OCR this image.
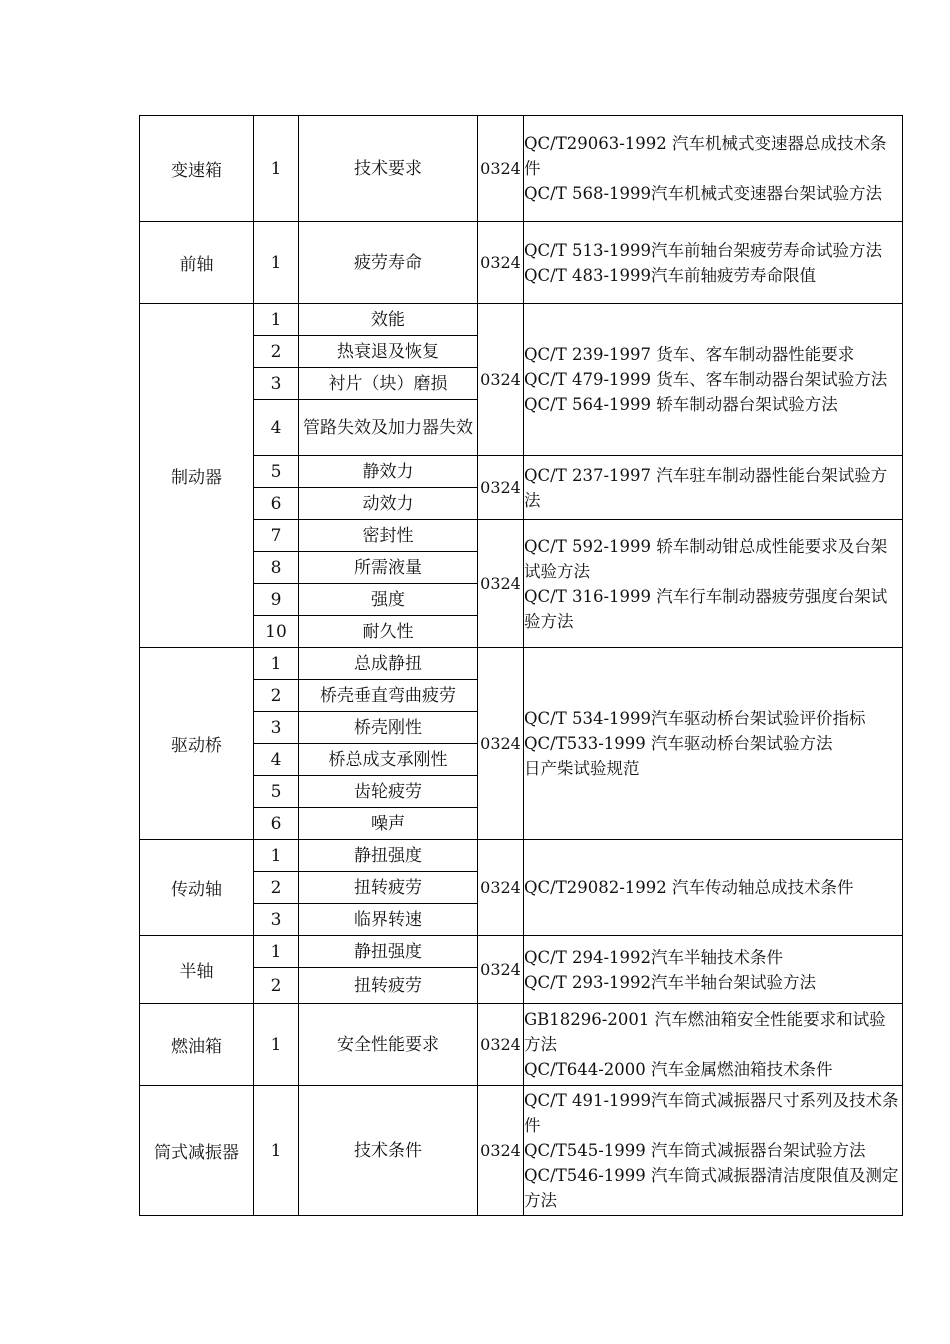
变速箱	1	技术要求	0324	QC/T29063-1992 汽车机械式变速器总成技术条件
QC/T 568-1999汽车机械式变速器台架试验方法

前轴	1	疲劳寿命	0324	QC/T 513-1999汽车前轴台架疲劳寿命试验方法
QC/T 483-1999汽车前轴疲劳寿命限值

制动器	1	效能	0324	QC/T 239-1997 货车、客车制动器性能要求
QC/T 479-1999 货车、客车制动器台架试验方法
QC/T 564-1999 轿车制动器台架试验方法

	2	热衰退及恢复		
	3	衬片（块）磨损		
	4	管路失效及加力器失效		
	5	静效力	0324	QC/T 237-1997 汽车驻车制动器性能台架试验方法

	6	动效力		
	7	密封性	0324	QC/T 592-1999 轿车制动钳总成性能要求及台架试验方法
QC/T 316-1999 汽车行车制动器疲劳强度台架试验方法

	8	所需液量		
	9	强度		
	10	耐久性		
驱动桥	1	总成静扭	0324	QC/T 534-1999汽车驱动桥台架试验评价指标
QC/T533-1999 汽车驱动桥台架试验方法
日产柴试验规范

	2	桥壳垂直弯曲疲劳		
	3	桥壳刚性		
	4	桥总成支承刚性		
	5	齿轮疲劳		
	6	噪声		
传动轴	1	静扭强度	0324	QC/T29082-1992 汽车传动轴总成技术条件

	2	扭转疲劳		
	3	临界转速		
半轴	1	静扭强度	0324	QC/T 294-1992汽车半轴技术条件
QC/T 293-1992汽车半轴台架试验方法

	2	扭转疲劳		
燃油箱	1	安全性能要求	0324	GB18296-2001 汽车燃油箱安全性能要求和试验方法
QC/T644-2000 汽车金属燃油箱技术条件

筒式减振器	1	技术条件	0324	QC/T 491-1999汽车筒式减振器尺寸系列及技术条件
QC/T545-1999 汽车筒式减振器台架试验方法
QC/T546-1999 汽车筒式减振器清洁度限值及测定方法
